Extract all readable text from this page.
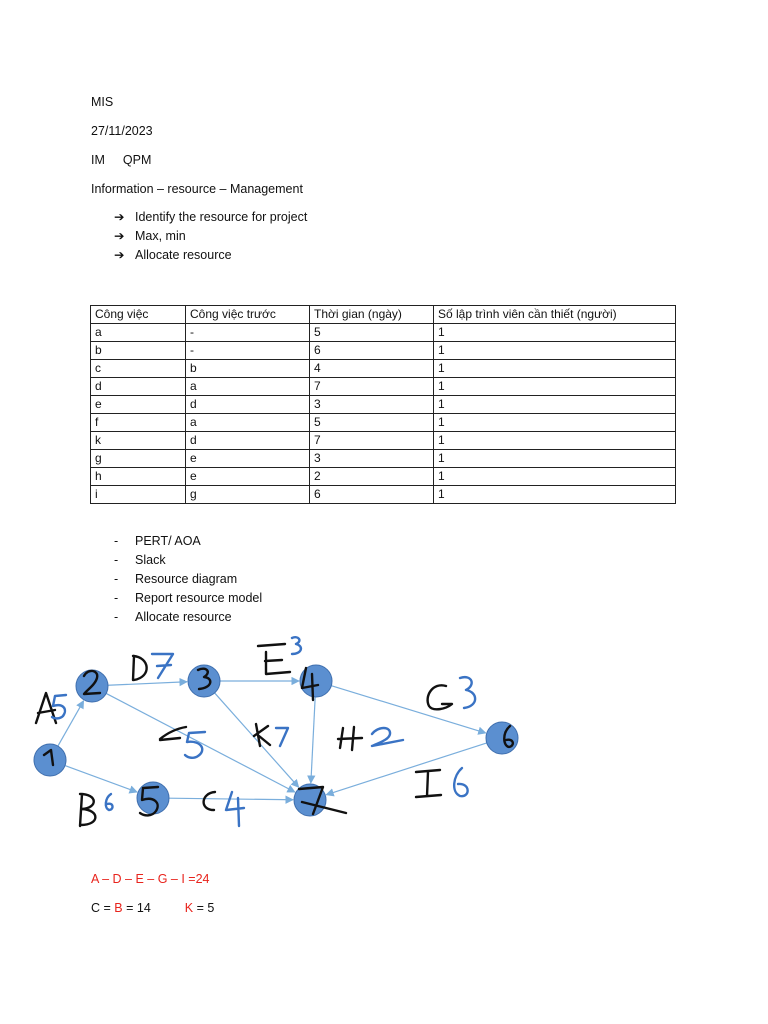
MIS
27/11/2023
IM QPM
Information – resource – Management
➔ Identify the resource for project
➔ Max, min
➔ Allocate resource
Công việc	Công việc trước	Thời gian (ngày)	Số lập trình viên cần thiết (người)
a	-	5	1
b	-	6	1
c	b	4	1
d	a	7	1
e	d	3	1
f	a	5	1
k	d	7	1
g	e	3	1
h	e	2	1
i	g	6	1
- PERT/ AOA
- Slack
- Resource diagram
- Report resource model
- Allocate resource
A – D – E – G – I =24
C = B = 14	K = 5
